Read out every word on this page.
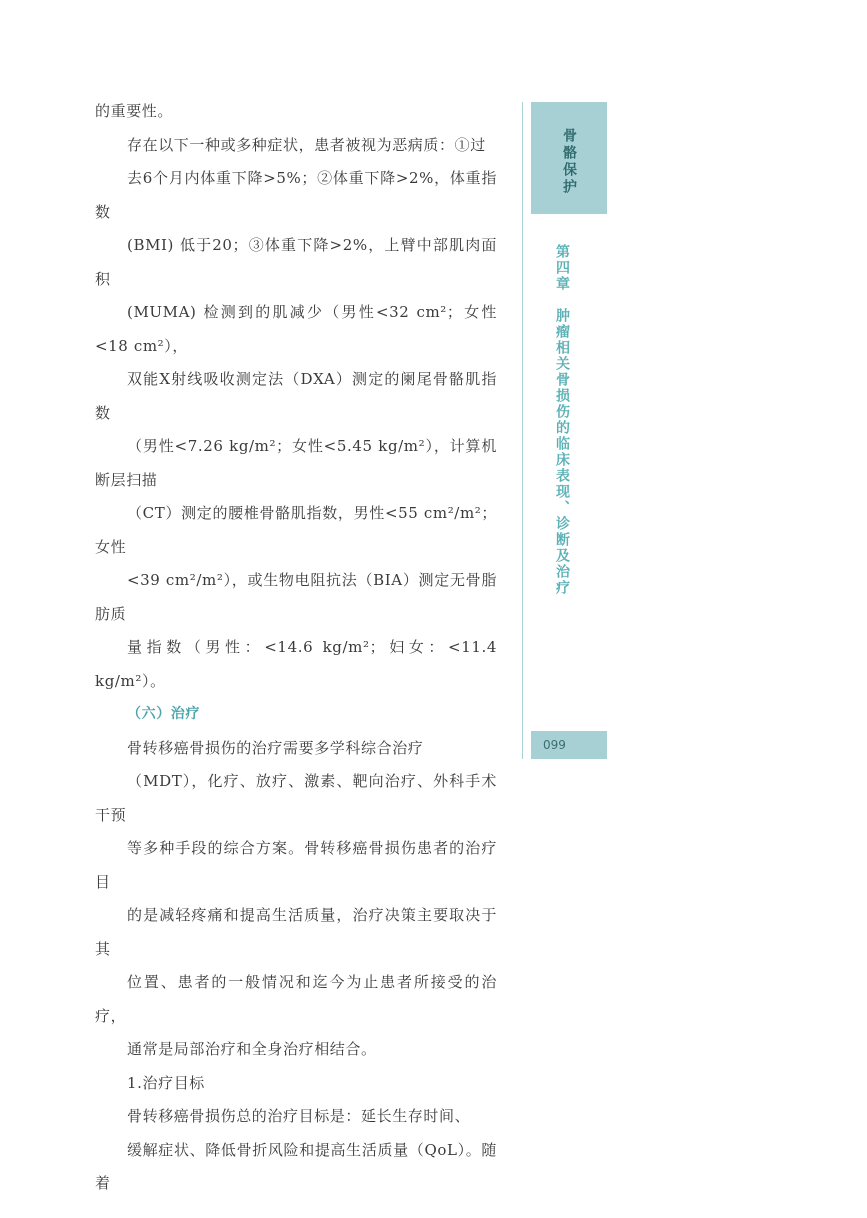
的重要性。

存在以下一种或多种症状，患者被视为恶病质：①过
去6个月内体重下降>5%；②体重下降>2%，体重指数
(BMI) 低于20；③体重下降>2%，上臂中部肌肉面积
(MUMA) 检测到的肌减少（男性<32 cm²；女性<18 cm²），
双能X射线吸收测定法（DXA）测定的阑尾骨骼肌指数
（男性<7.26 kg/m²；女性<5.45 kg/m²），计算机断层扫描
（CT）测定的腰椎骨骼肌指数，男性<55 cm²/m²；女性
<39 cm²/m²），或生物电阻抗法（BIA）测定无骨脂肪质
量指数（男性：<14.6 kg/m²；妇女：<11.4 kg/m²）。

（六）治疗

骨转移癌骨损伤的治疗需要多学科综合治疗
（MDT），化疗、放疗、激素、靶向治疗、外科手术干预
等多种手段的综合方案。骨转移癌骨损伤患者的治疗目
的是减轻疼痛和提高生活质量，治疗决策主要取决于其
位置、患者的一般情况和迄今为止患者所接受的治疗，
通常是局部治疗和全身治疗相结合。

1.治疗目标

骨转移癌骨损伤总的治疗目标是：延长生存时间、
缓解症状、降低骨折风险和提高生活质量（QoL）。随着

骨骼保护
第四章　肿瘤相关骨损伤的临床表现、诊断及治疗
099
